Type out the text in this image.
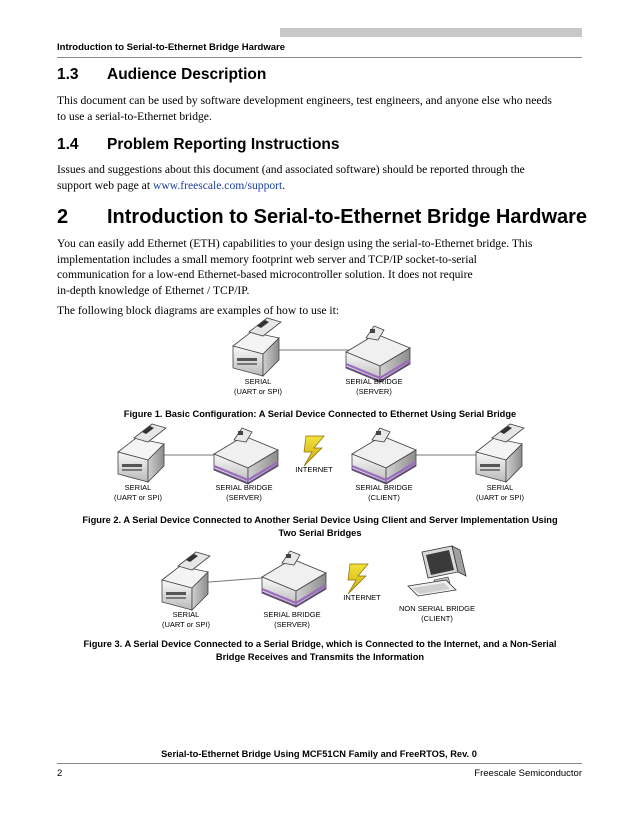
Introduction to Serial-to-Ethernet Bridge Hardware
1.3 Audience Description
This document can be used by software development engineers, test engineers, and anyone else who needs
to use a serial-to-Ethernet bridge.
1.4 Problem Reporting Instructions
Issues and suggestions about this document (and associated software) should be reported through the
support web page at www.freescale.com/support.
2 Introduction to Serial-to-Ethernet Bridge Hardware
You can easily add Ethernet (ETH) capabilities to your design using the serial-to-Ethernet bridge. This
implementation includes a small memory footprint web server and TCP/IP socket-to-serial
communication for a low-end Ethernet-based microcontroller solution. It does not require
in-depth knowledge of Ethernet / TCP/IP.
The following block diagrams are examples of how to use it:
SERIAL
(UART or SPI)
SERIAL BRIDGE
(SERVER)
SERIAL
(UART or SPI)
SERIAL BRIDGE
(SERVER)
INTERNET
SERIAL BRIDGE
(CLIENT)
SERIAL
(UART or SPI)
SERIAL
(UART or SPI)
SERIAL BRIDGE
(SERVER)
INTERNET
NON SERIAL BRIDGE
(CLIENT)
Figure 1. Basic Configuration: A Serial Device Connected to Ethernet Using Serial Bridge
Figure 2. A Serial Device Connected to Another Serial Device Using Client and Server Implementation Using
Two Serial Bridges
Figure 3. A Serial Device Connected to a Serial Bridge, which is Connected to the Internet, and a Non-Serial
Bridge Receives and Transmits the Information
Serial-to-Ethernet Bridge Using MCF51CN Family and FreeRTOS, Rev. 0
2	Freescale Semiconductor
